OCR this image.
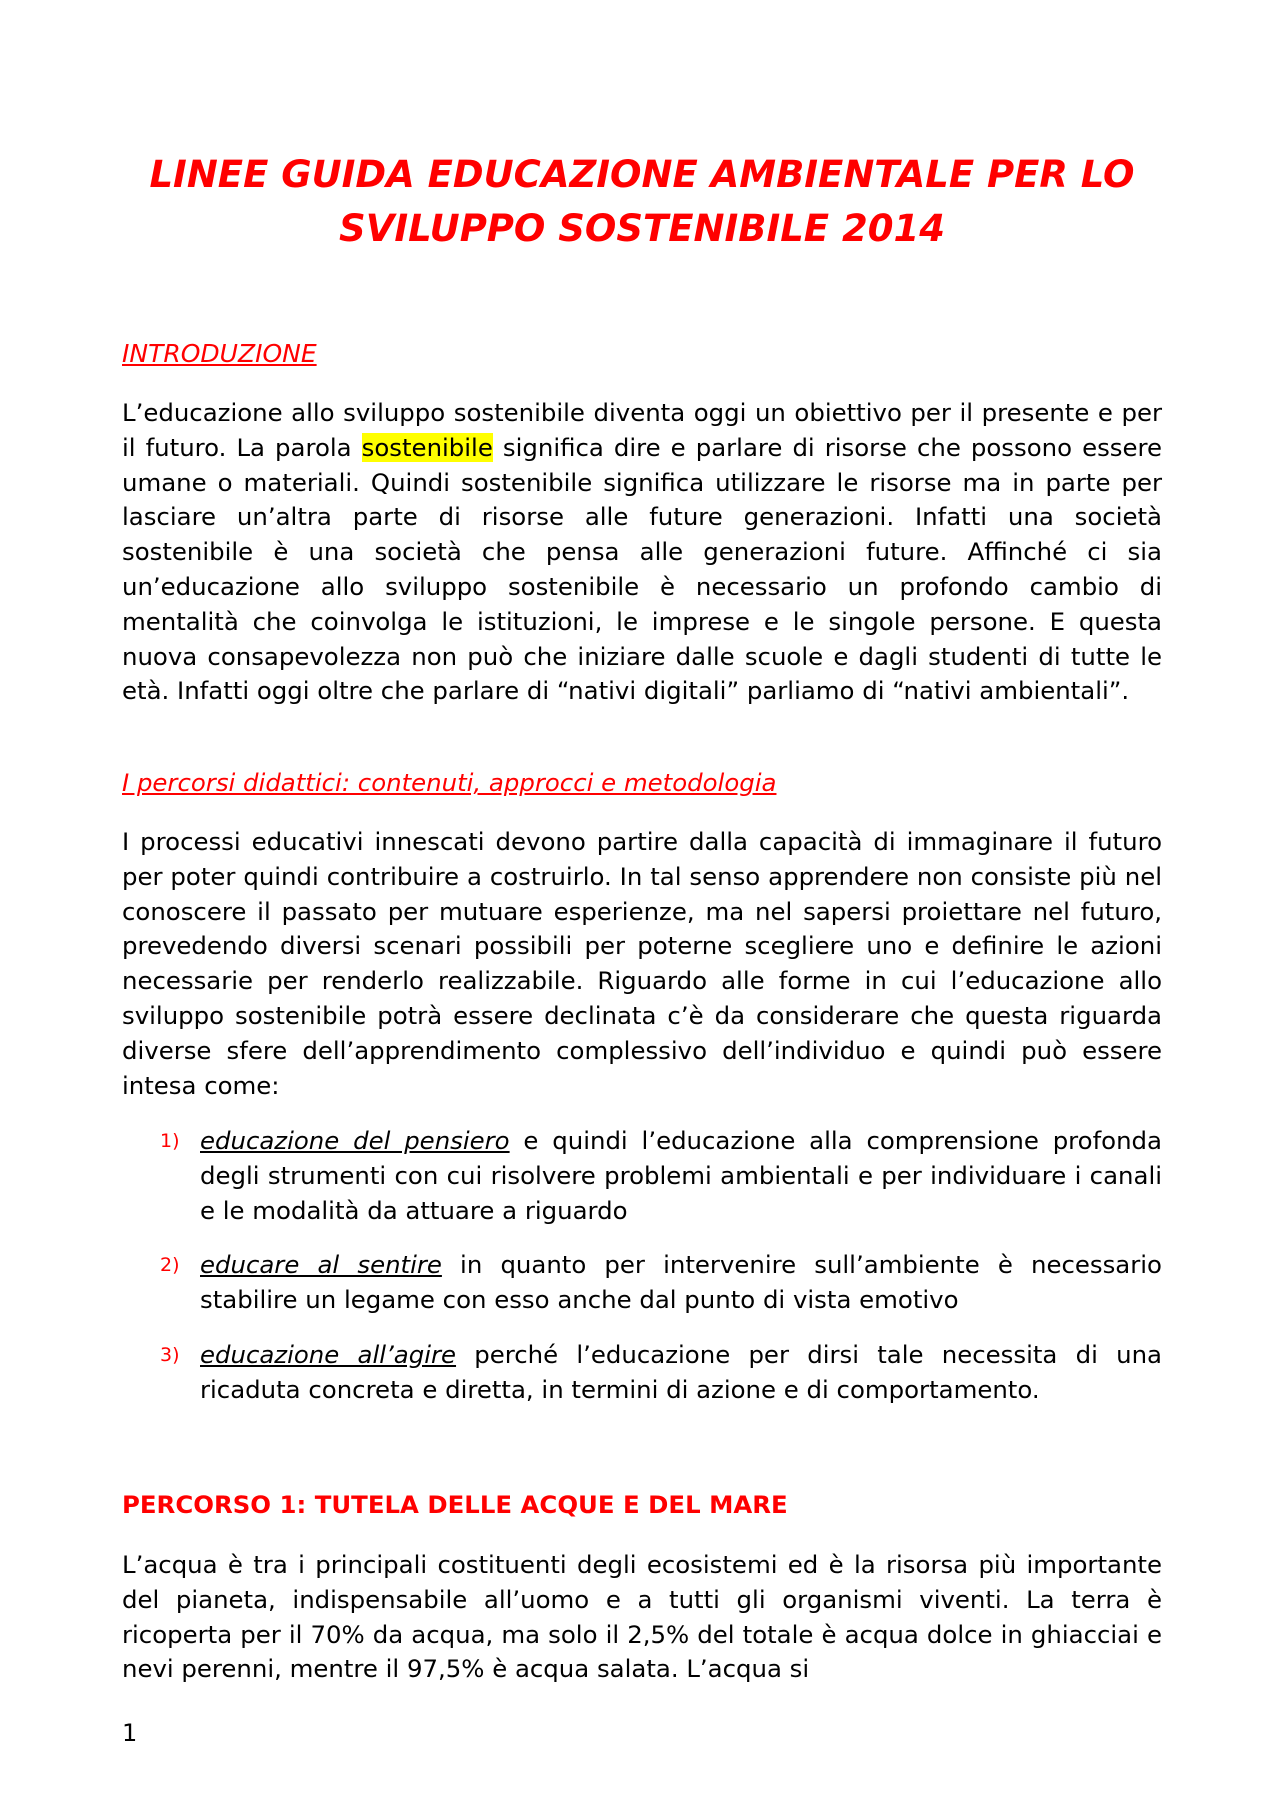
LINEE GUIDA EDUCAZIONE AMBIENTALE PER LO SVILUPPO SOSTENIBILE 2014
INTRODUZIONE

L’educazione allo sviluppo sostenibile diventa oggi un obiettivo per il presente e per il futuro. La parola sostenibile significa dire e parlare di risorse che possono essere umane o materiali. Quindi sostenibile significa utilizzare le risorse ma in parte per lasciare un’altra parte di risorse alle future generazioni. Infatti una società sostenibile è una società che pensa alle generazioni future. Affinché ci sia un’educazione allo sviluppo sostenibile è necessario un profondo cambio di mentalità che coinvolga le istituzioni, le imprese e le singole persone. E questa nuova consapevolezza non può che iniziare dalle scuole e dagli studenti di tutte le età. Infatti oggi oltre che parlare di “nativi digitali” parliamo di “nativi ambientali”.

I percorsi didattici: contenuti, approcci e metodologia

I processi educativi innescati devono partire dalla capacità di immaginare il futuro per poter quindi contribuire a costruirlo. In tal senso apprendere non consiste più nel conoscere il passato per mutuare esperienze, ma nel sapersi proiettare nel futuro, prevedendo diversi scenari possibili per poterne scegliere uno e definire le azioni necessarie per renderlo realizzabile. Riguardo alle forme in cui l’educazione allo sviluppo sostenibile potrà essere declinata c’è da considerare che questa riguarda diverse sfere dell’apprendimento complessivo dell’individuo e quindi può essere intesa come:

1) educazione del pensiero e quindi l’educazione alla comprensione profonda degli strumenti con cui risolvere problemi ambientali e per individuare i canali e le modalità da attuare a riguardo
2) educare al sentire in quanto per intervenire sull’ambiente è necessario stabilire un legame con esso anche dal punto di vista emotivo
3) educazione all’agire perché l’educazione per dirsi tale necessita di una ricaduta concreta e diretta, in termini di azione e di comportamento.
PERCORSO 1: TUTELA DELLE ACQUE E DEL MARE

L’acqua è tra i principali costituenti degli ecosistemi ed è la risorsa più importante del pianeta, indispensabile all’uomo e a tutti gli organismi viventi. La terra è ricoperta per il 70% da acqua, ma solo il 2,5% del totale è acqua dolce in ghiacciai e nevi perenni, mentre il 97,5% è acqua salata. L’acqua si

1
